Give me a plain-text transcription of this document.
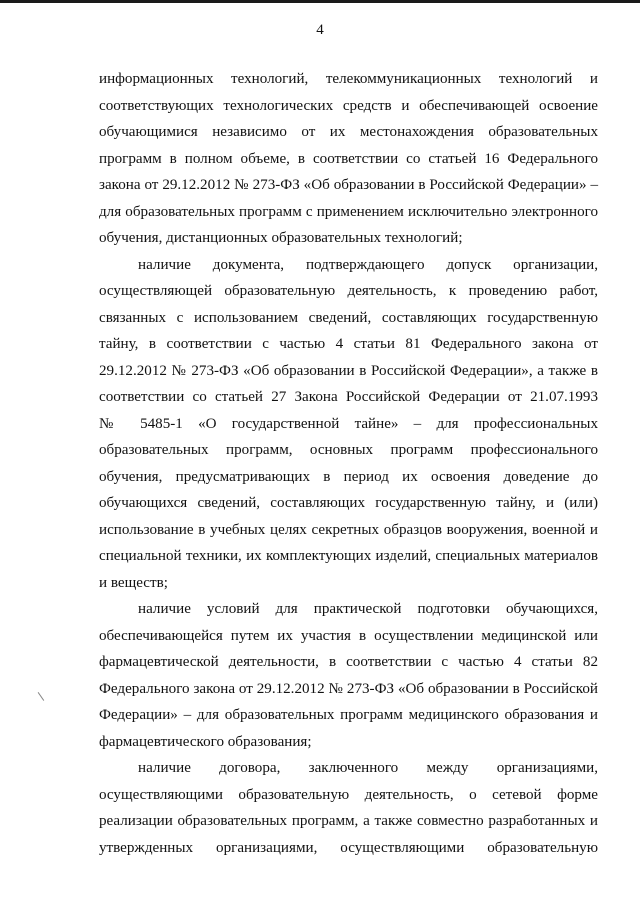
4
информационных технологий, телекоммуникационных технологий и
соответствующих технологических средств и обеспечивающей освоение
обучающимися независимо от их местонахождения образовательных
программ в полном объеме, в соответствии со статьей 16 Федерального
закона от 29.12.2012 № 273-ФЗ «Об образовании в Российской Федерации» –
для образовательных программ с применением исключительно электронного
обучения, дистанционных образовательных технологий;
наличие документа, подтверждающего допуск организации,
осуществляющей образовательную деятельность, к проведению работ,
связанных с использованием сведений, составляющих государственную
тайну, в соответствии с частью 4 статьи 81 Федерального закона от
29.12.2012 № 273-ФЗ «Об образовании в Российской Федерации», а также в
соответствии со статьей 27 Закона Российской Федерации от 21.07.1993
№ 5485-1 «О государственной тайне» – для профессиональных
образовательных программ, основных программ профессионального
обучения, предусматривающих в период их освоения доведение до
обучающихся сведений, составляющих государственную тайну, и (или)
использование в учебных целях секретных образцов вооружения, военной и
специальной техники, их комплектующих изделий, специальных материалов
и веществ;
наличие условий для практической подготовки обучающихся,
обеспечивающейся путем их участия в осуществлении медицинской или
фармацевтической деятельности, в соответствии с частью 4 статьи 82
Федерального закона от 29.12.2012 № 273-ФЗ «Об образовании в Российской
Федерации» – для образовательных программ медицинского образования и
фармацевтического образования;
наличие договора, заключенного между организациями,
осуществляющими образовательную деятельность, о сетевой форме
реализации образовательных программ, а также совместно разработанных и
утвержденных организациями, осуществляющими образовательную
